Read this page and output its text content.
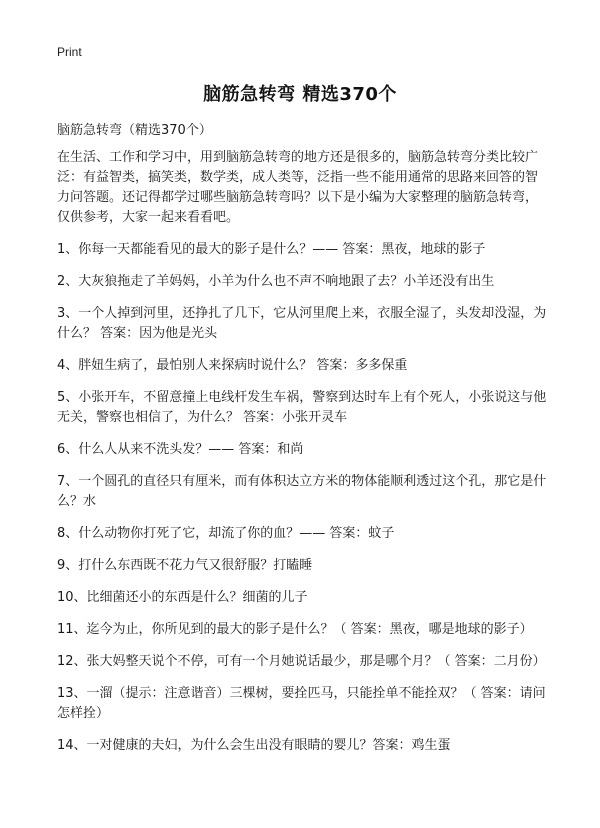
Print
脑筋急转弯 精选370个
脑筋急转弯（精选370个）

在生活、工作和学习中，用到脑筋急转弯的地方还是很多的，脑筋急转弯分类比较广泛：有益智类，搞笑类，数学类，成人类等，泛指一些不能用通常的思路来回答的智力问答题。还记得都学过哪些脑筋急转弯吗？以下是小编为大家整理的脑筋急转弯，仅供参考，大家一起来看看吧。

1、你每一天都能看见的最大的影子是什么？—— 答案：黑夜，地球的影子
2、大灰狼拖走了羊妈妈，小羊为什么也不声不响地跟了去？小羊还没有出生
3、一个人掉到河里，还挣扎了几下，它从河里爬上来，衣服全湿了，头发却没湿，为什么？ 答案：因为他是光头
4、胖妞生病了，最怕别人来探病时说什么？ 答案：多多保重
5、小张开车，不留意撞上电线杆发生车祸，警察到达时车上有个死人，小张说这与他无关，警察也相信了，为什么？ 答案：小张开灵车
6、什么人从来不洗头发？—— 答案：和尚
7、一个圆孔的直径只有厘米，而有体积达立方米的物体能顺利透过这个孔，那它是什么？水
8、什么动物你打死了它，却流了你的血？—— 答案：蚊子
9、打什么东西既不花力气又很舒服？打瞌睡
10、比细菌还小的东西是什么？细菌的儿子
11、迄今为止，你所见到的最大的影子是什么？（ 答案：黑夜，哪是地球的影子）
12、张大妈整天说个不停，可有一个月她说话最少，那是哪个月？（ 答案：二月份）
13、一溜（提示：注意谐音）三棵树，要拴匹马，只能拴单不能拴双？（ 答案：请问怎样拴）
14、一对健康的夫妇，为什么会生出没有眼睛的婴儿？答案：鸡生蛋
